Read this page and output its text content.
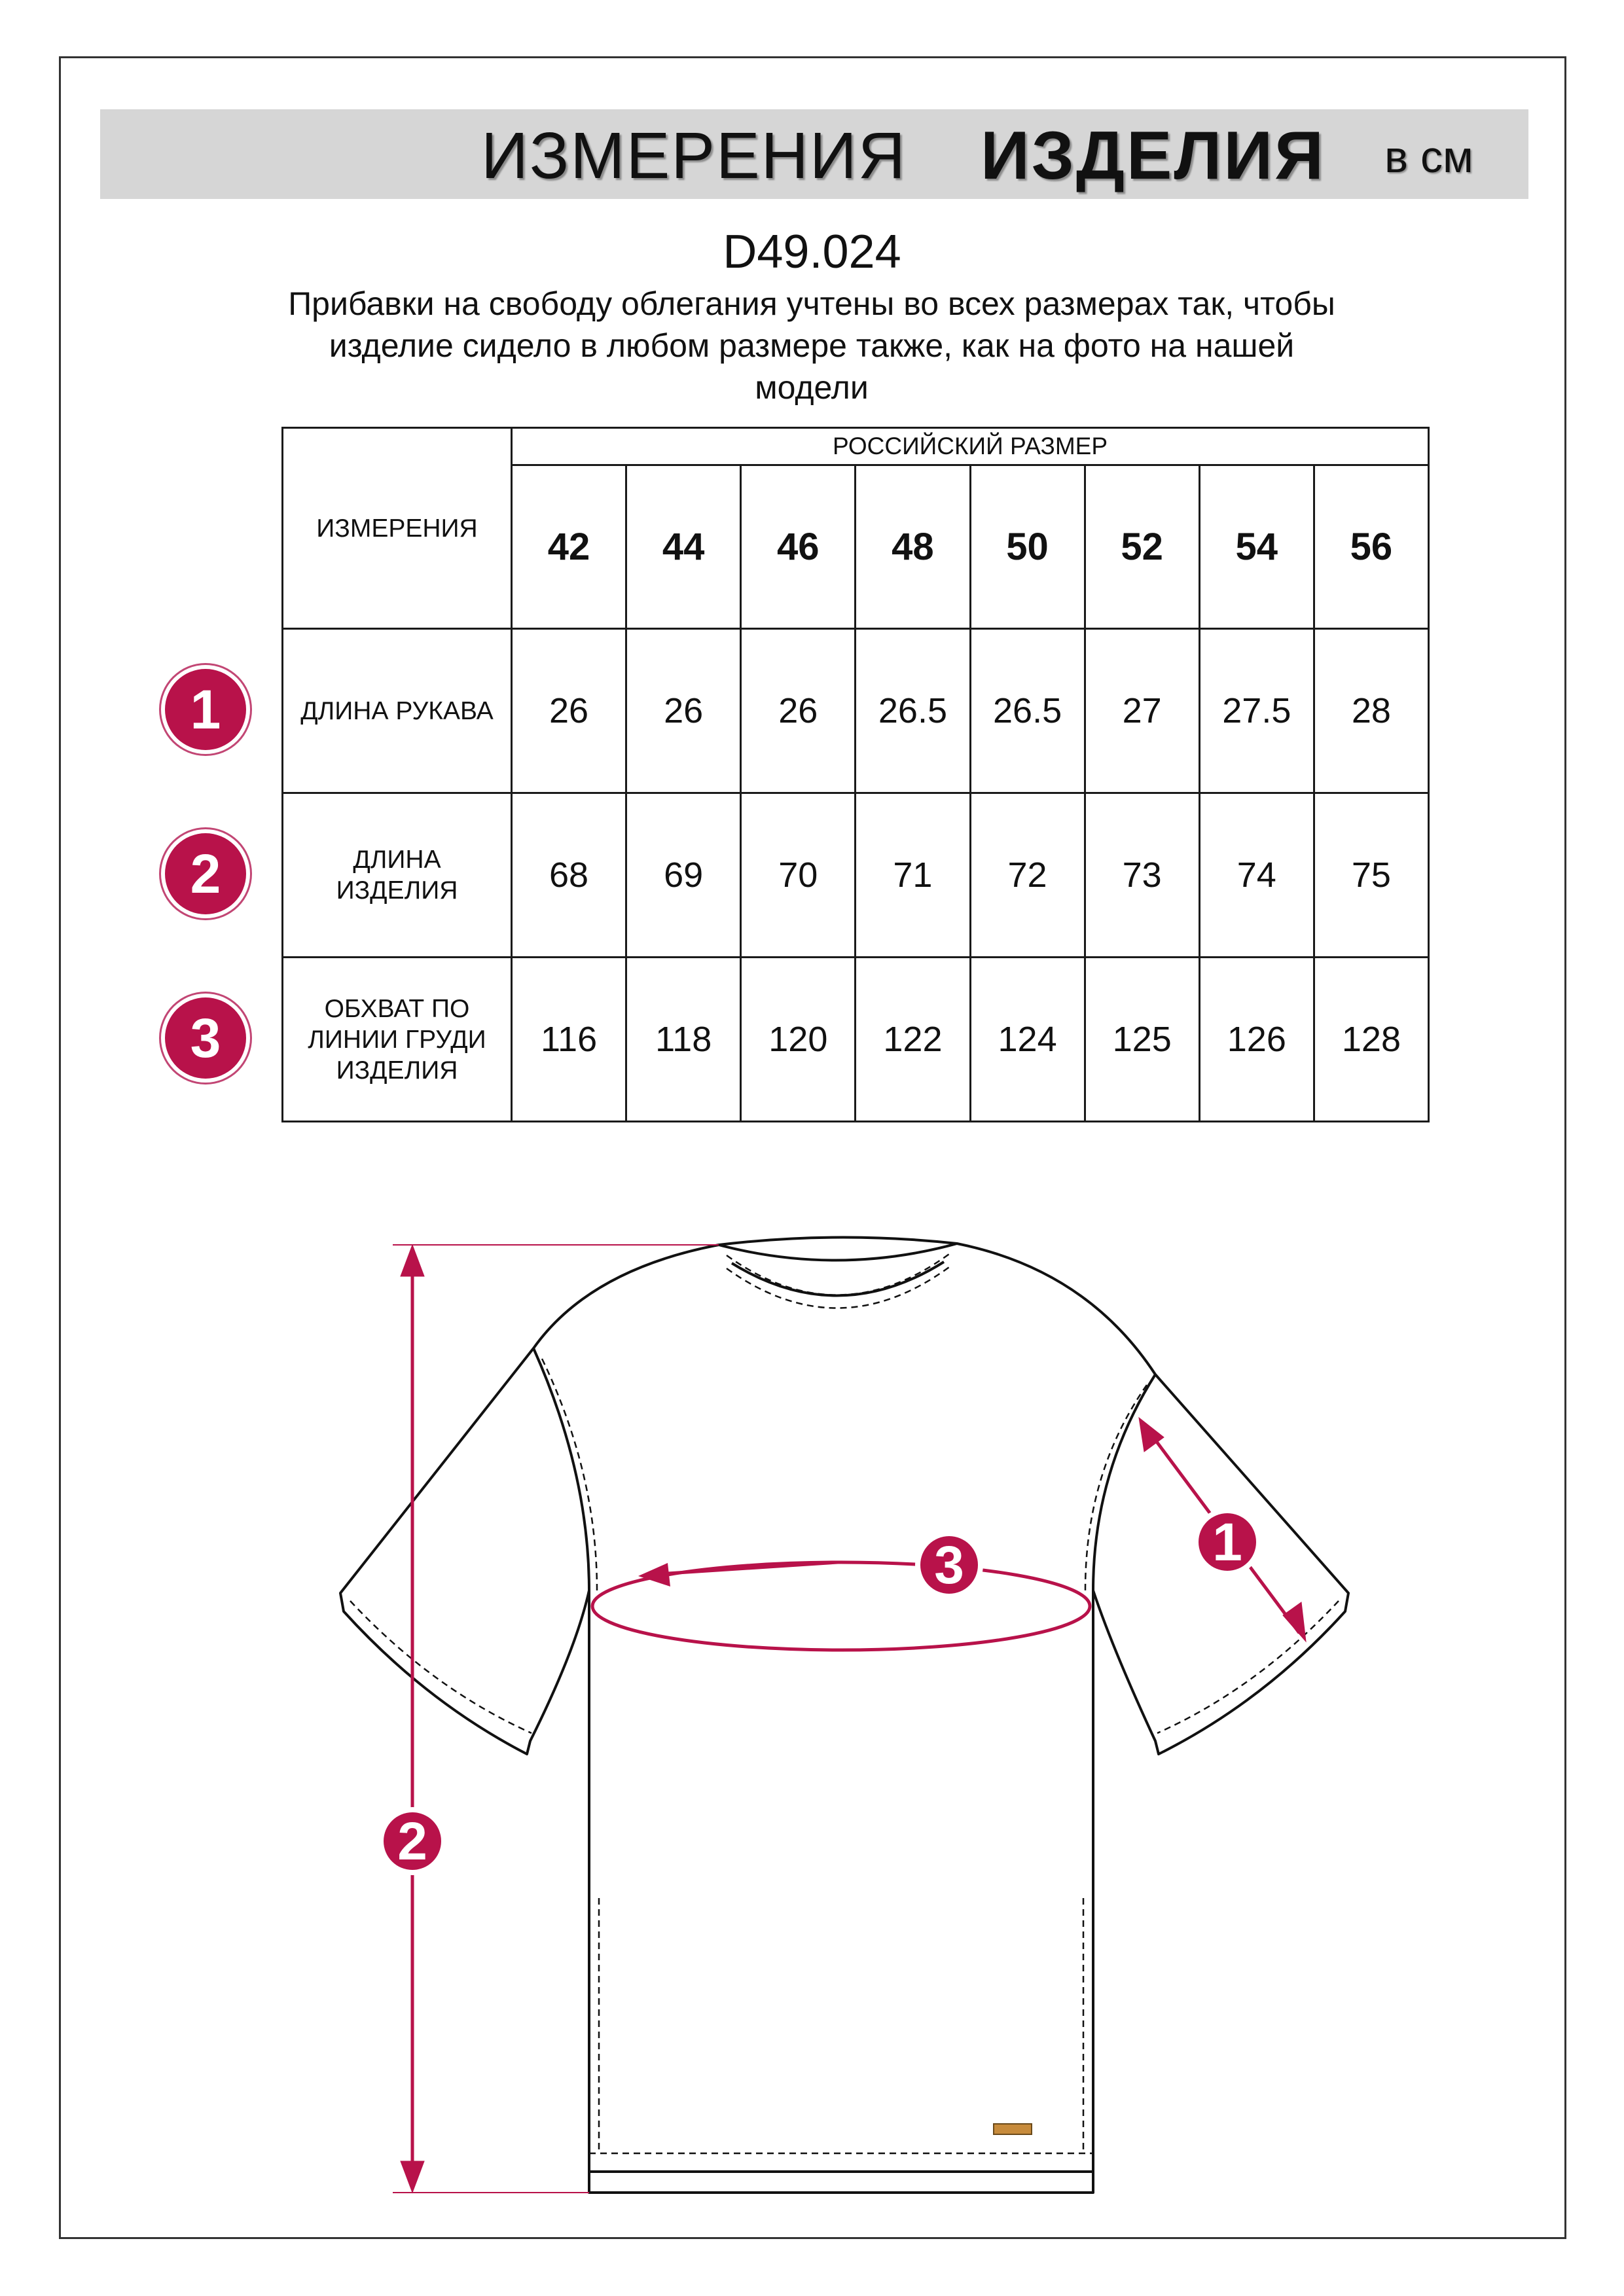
ИЗМЕРЕНИЯ ИЗДЕЛИЯ в см
D49.024
Прибавки на свободу облегания учтены во всех размерах так, чтобы
изделие сидело в любом размере также, как на фото на нашей
модели
ИЗМЕРЕНИЯ	РОССИЙСКИЙ РАЗМЕР							
	42	44	46	48	50	52	54	56
ДЛИНА РУКАВА	26	26	26	26.5	26.5	27	27.5	28

ДЛИНА
ИЗДЕЛИЯ	68	69	70	71	72	73	74	75

ОБХВАТ ПО
ЛИНИИ ГРУДИ
ИЗДЕЛИЯ	116	118	120	122	124	125	126	128
1
2
3
1
2
3
